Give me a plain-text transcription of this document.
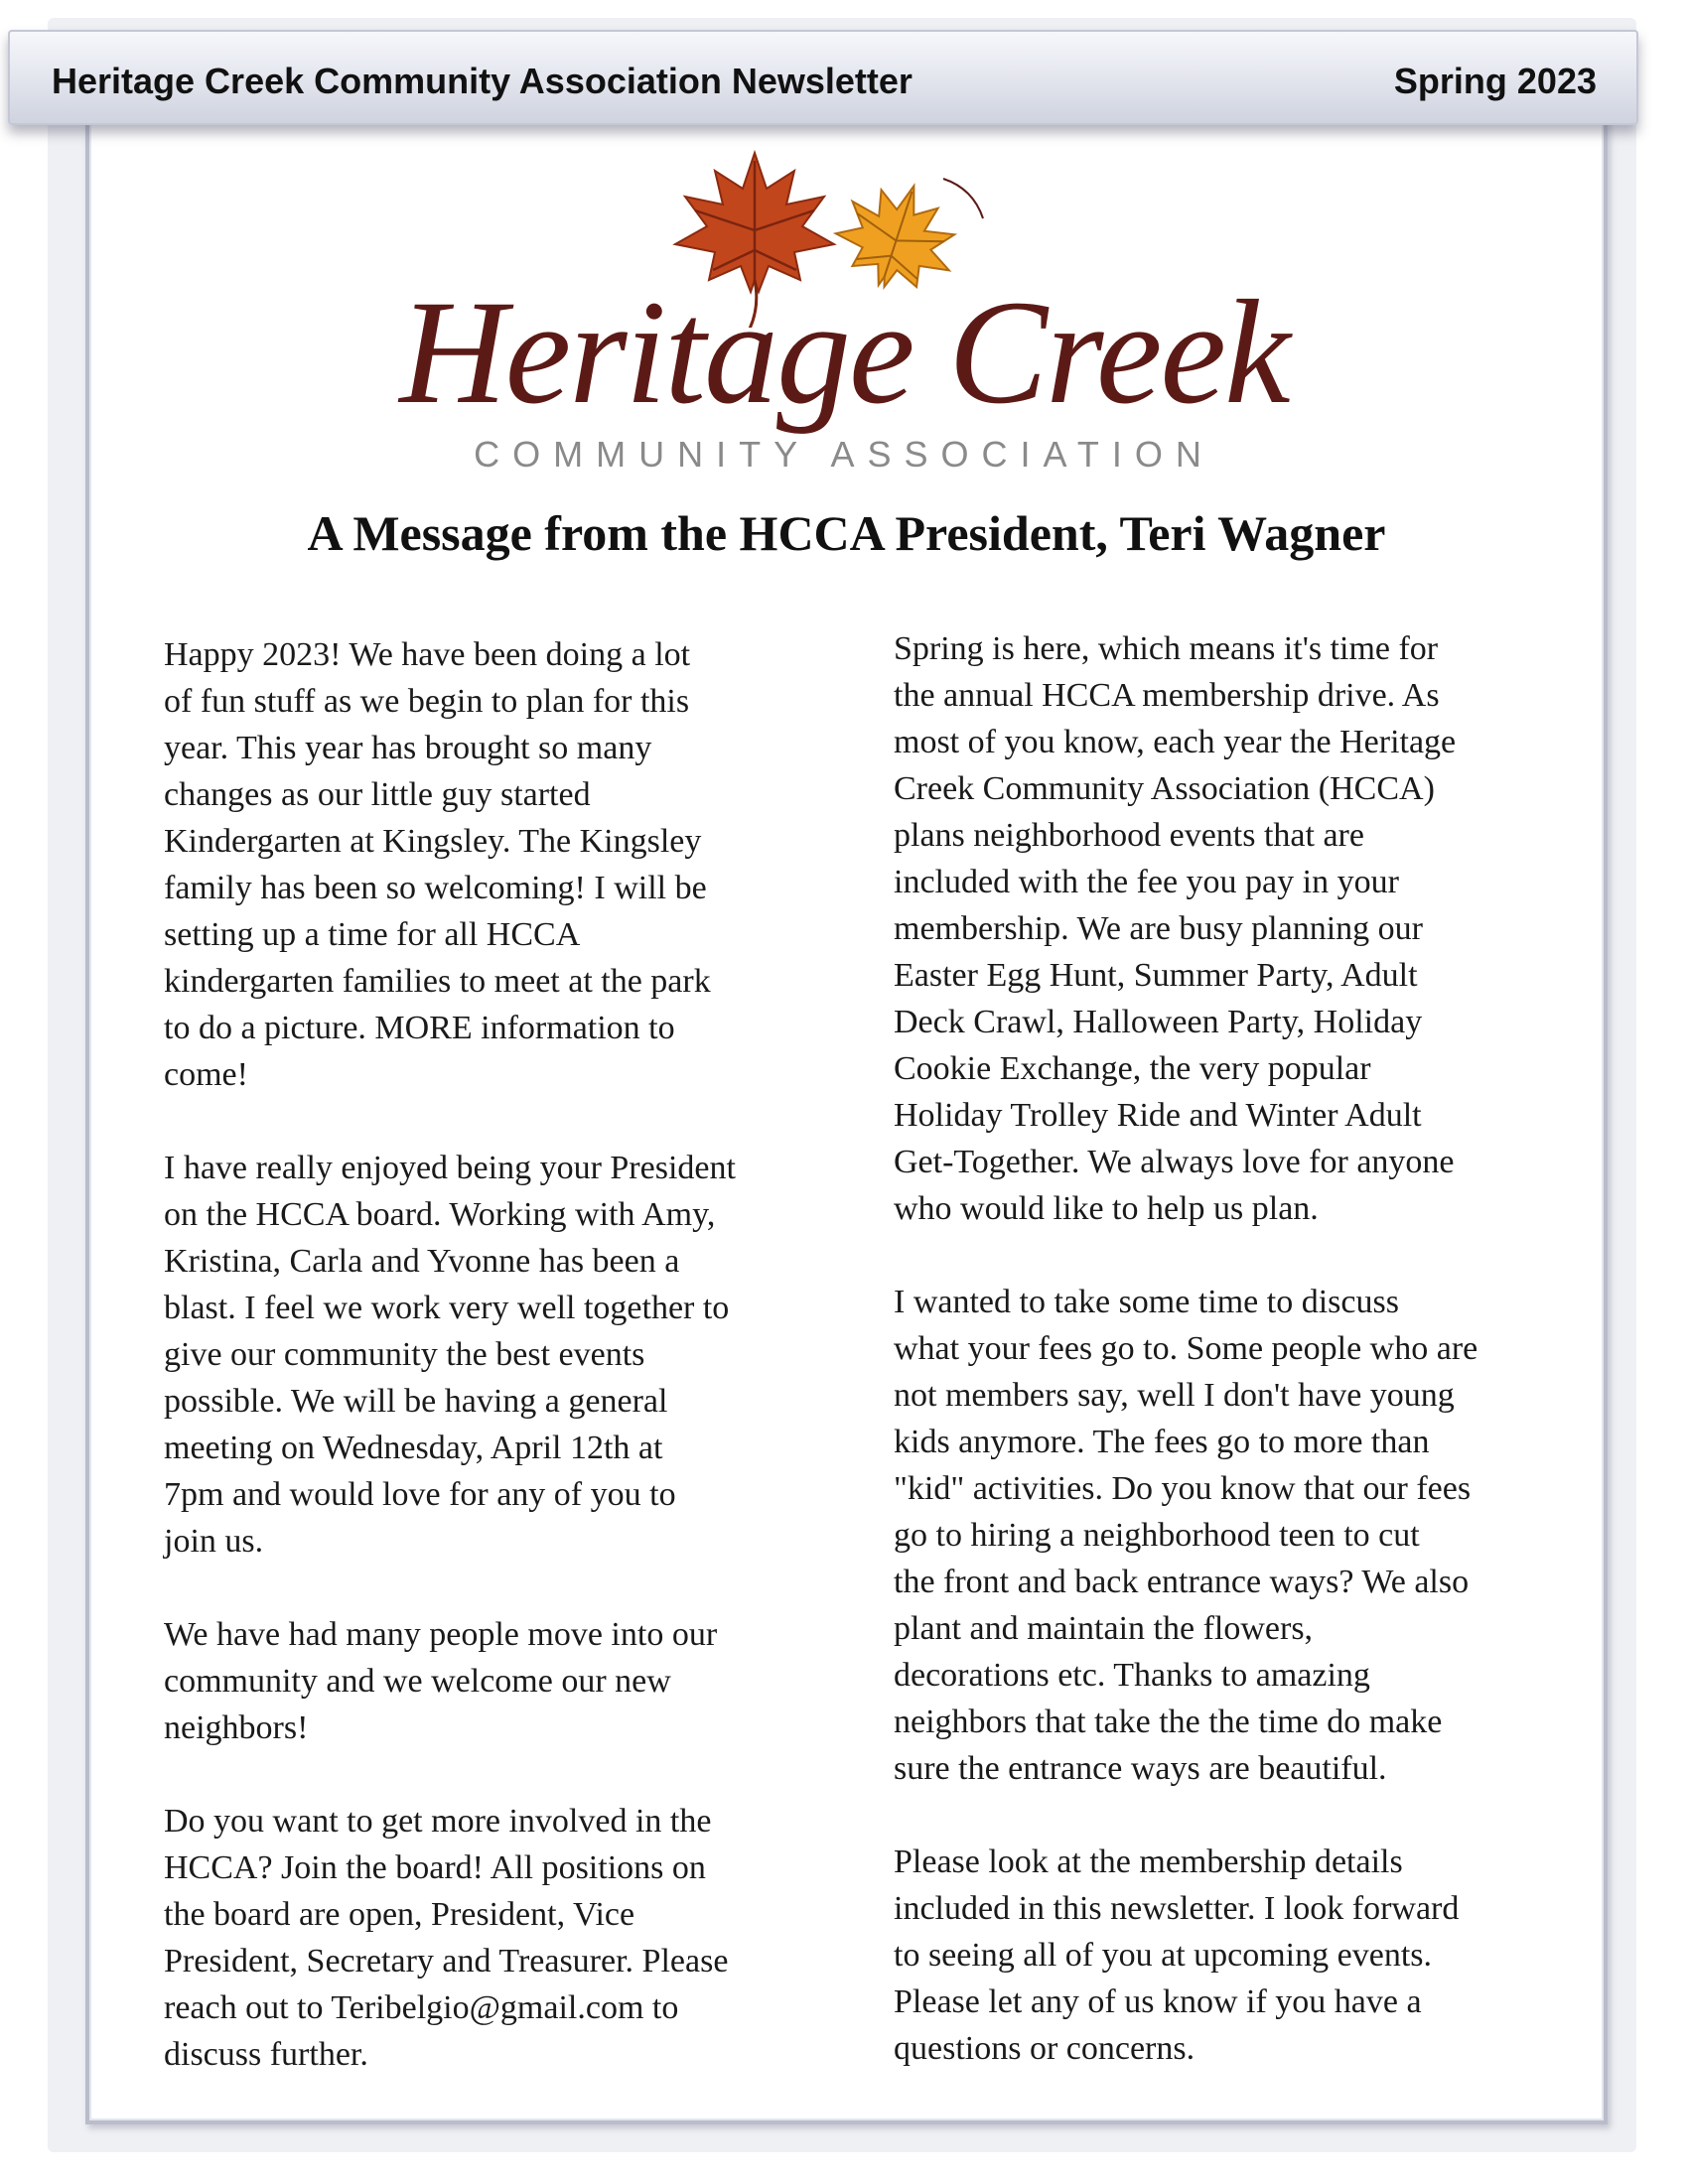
Heritage Creek Community Association Newsletter	Spring 2023
Heritage Creek
COMMUNITY ASSOCIATION
A Message from the HCCA President, Teri Wagner

Happy 2023! We have been doing a lot
of fun stuff as we begin to plan for this
year. This year has brought so many
changes as our little guy started
Kindergarten at Kingsley. The Kingsley
family has been so welcoming! I will be
setting up a time for all HCCA
kindergarten families to meet at the park
to do a picture. MORE information to
come!

I have really enjoyed being your President
on the HCCA board. Working with Amy,
Kristina, Carla and Yvonne has been a
blast. I feel we work very well together to
give our community the best events
possible. We will be having a general
meeting on Wednesday, April 12th at
7pm and would love for any of you to
join us.

We have had many people move into our
community and we welcome our new
neighbors!

Do you want to get more involved in the
HCCA? Join the board! All positions on
the board are open, President, Vice
President, Secretary and Treasurer. Please
reach out to Teribelgio@gmail.com to
discuss further.

Spring is here, which means it's time for
the annual HCCA membership drive. As
most of you know, each year the Heritage
Creek Community Association (HCCA)
plans neighborhood events that are
included with the fee you pay in your
membership. We are busy planning our
Easter Egg Hunt, Summer Party, Adult
Deck Crawl, Halloween Party, Holiday
Cookie Exchange, the very popular
Holiday Trolley Ride and Winter Adult
Get-Together. We always love for anyone
who would like to help us plan.

I wanted to take some time to discuss
what your fees go to. Some people who are
not members say, well I don't have young
kids anymore. The fees go to more than
"kid" activities. Do you know that our fees
go to hiring a neighborhood teen to cut
the front and back entrance ways? We also
plant and maintain the flowers,
decorations etc. Thanks to amazing
neighbors that take the the time do make
sure the entrance ways are beautiful.

Please look at the membership details
included in this newsletter. I look forward
to seeing all of you at upcoming events.
Please let any of us know if you have a
questions or concerns.
